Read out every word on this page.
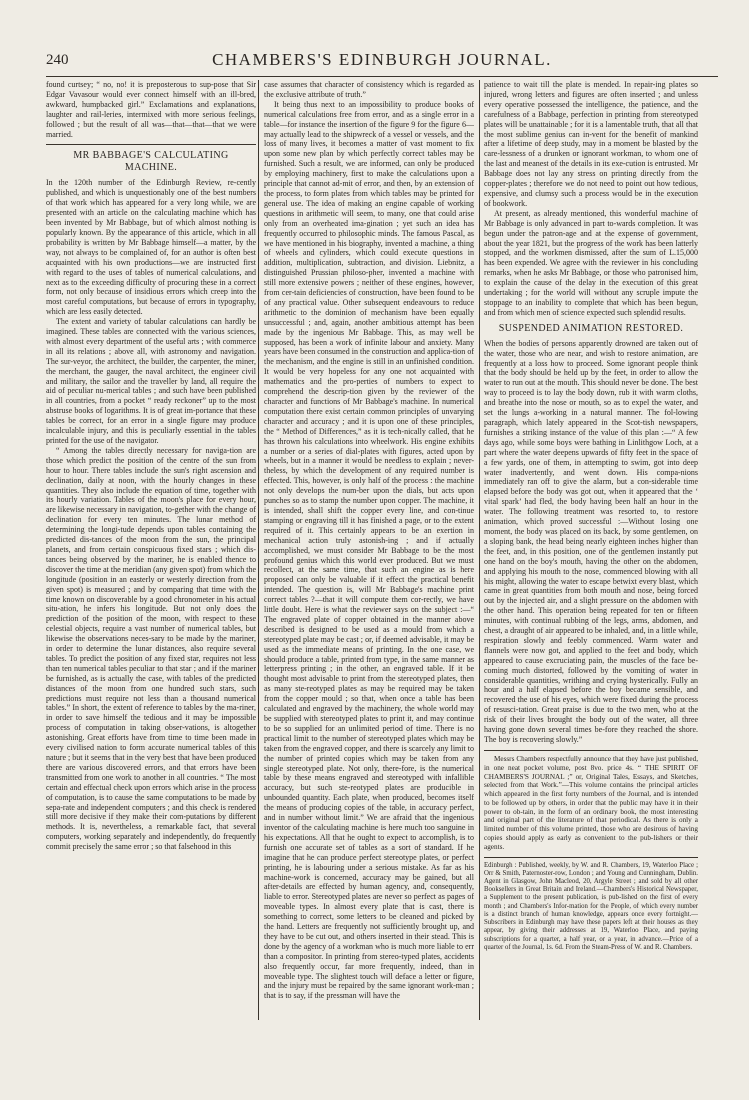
240	CHAMBERS'S EDINBURGH JOURNAL.

found curtsey; “ no, no! it is preposterous to sup-pose that Sir Edgar Vavasour would ever connect himself with an ill-bred, awkward, humpbacked girl.” Exclamations and explanations, laughter and rail-leries, intermixed with more serious feelings, followed ; but the result of all was—that—that—that we were married.

MR BABBAGE'S CALCULATING MACHINE.

In the 120th number of the Edinburgh Review, re-cently published, and which is unquestionably one of the best numbers of that work which has appeared for a very long while, we are presented with an article on the calculating machine which has been invented by Mr Babbage, but of which almost nothing is popularly known. By the appearance of this article, which in all probability is written by Mr Babbage himself—a matter, by the way, not always to be complained of, for an author is often best acquainted with his own productions—we are instructed first with regard to the uses of tables of numerical calculations, and next as to the exceeding difficulty of procuring these in a correct form, not only because of insidious errors which creep into the most careful computations, but because of errors in typography, which are less easily detected.

The extent and variety of tabular calculations can hardly be imagined. These tables are connected with the various sciences, with almost every department of the useful arts ; with commerce in all its relations ; above all, with astronomy and navigation. The sur-veyor, the architect, the builder, the carpenter, the miner, the merchant, the gauger, the naval architect, the engineer civil and military, the sailor and the traveller by land, all require the aid of peculiar nu-merical tables ; and such have been published in all countries, from a pocket “ ready reckoner” up to the most abstruse books of logarithms. It is of great im-portance that these tables be correct, for an error in a single figure may produce incalculable injury, and this is peculiarly essential in the tables printed for the use of the navigator.

“ Among the tables directly necessary for naviga-tion are those which predict the position of the centre of the sun from hour to hour. There tables include the sun's right ascension and declination, daily at noon, with the hourly changes in these quantities. They also include the equation of time, together with its hourly variation. Tables of the moon's place for every hour, are likewise necessary in navigation, to-gether with the change of declination for every ten minutes. The lunar method of determining the longi-tude depends upon tables containing the predicted dis-tances of the moon from the sun, the principal planets, and from certain conspicuous fixed stars ; which dis-tances being observed by the mariner, he is enabled thence to discover the time at the meridian (any given spot) from which the longitude (position in an easterly or westerly direction from the given spot) is measured ; and by comparing that time with the time known on discoverable by a good chronometer in his actual situ-ation, he infers his longitude. But not only does the prediction of the position of the moon, with respect to these celestial objects, require a vast number of numerical tables, but likewise the observations neces-sary to be made by the mariner, in order to determine the lunar distances, also require several tables. To predict the position of any fixed star, requires not less than ten numerical tables peculiar to that star ; and if the mariner be furnished, as is actually the case, with tables of the predicted distances of the moon from one hundred such stars, such predictions must require not less than a thousand numerical tables.” In short, the extent of reference to tables by the ma-riner, in order to save himself the tedious and it may be impossible process of computation in taking obser-vations, is altogether astonishing. Great efforts have from time to time been made in every civilised nation to form accurate numerical tables of this nature ; but it seems that in the very best that have been produced there are various discovered errors, and that errors have been transmitted from one work to another in all countries. “ The most certain and effectual check upon errors which arise in the process of computation, is to cause the same computations to be made by sepa-rate and independent computers ; and this check is rendered still more decisive if they make their com-putations by different methods. It is, nevertheless, a remarkable fact, that several computers, working separately and independently, do frequently commit precisely the same error ; so that falsehood in this

case assumes that character of consistency which is regarded as the exclusive attribute of truth.”

It being thus next to an impossibility to produce books of numerical calculations free from error, and as a single error in a table—for instance the insertion of the figure 9 for the figure 6—may actually lead to the shipwreck of a vessel or vessels, and the loss of many lives, it becomes a matter of vast moment to fix upon some new plan by which perfectly correct tables may be furnished. Such a result, we are informed, can only be produced by employing machinery, first to make the calculations upon a principle that cannot ad-mit of error, and then, by an extension of the process, to form plates from which tables may be printed for general use. The idea of making an engine capable of working questions in arithmetic will seem, to many, one that could arise only from an overheated ima-gination ; yet such an idea has frequently occurred to philosophic minds. The famous Pascal, as we have mentioned in his biography, invented a machine, a thing of wheels and cylinders, which could execute questions in addition, multiplication, subtraction, and division. Liebnitz, a distinguished Prussian philoso-pher, invented a machine with still more extensive powers ; neither of these engines, however, from cer-tain deficiencies of construction, have been found to be of any practical value. Other subsequent endeavours to reduce arithmetic to the dominion of mechanism have been equally unsuccessful ; and, again, another ambitious attempt has been made by the ingenious Mr Babbage. This, as may well be supposed, has been a work of infinite labour and anxiety. Many years have been consumed in the construction and applica-tion of the mechanism, and the engine is still in an unfinished condition. It would be very hopeless for any one not acquainted with mathematics and the pro-perties of numbers to expect to comprehend the descrip-tion given by the reviewer of the character and functions of Mr Babbage's machine. In numerical computation there exist certain common principles of unvarying character and accuracy ; and it is upon one of these principles, the “ Method of Differences,” as it is tech-nically called, that he has thrown his calculations into wheelwork. His engine exhibits a number or a series of dial-plates with figures, acted upon by wheels, but in a manner it would be needless to explain ; never-theless, by which the development of any required number is effected. This, however, is only half of the process : the machine not only develops the num-ber upon the dials, but acts upon punches so as to stamp the number upon copper. The machine, it is intended, shall shift the copper every line, and con-tinue stamping or engraving till it has finished a page, or to the extent required of it. This certainly appears to be an exertion in mechanical action truly astonish-ing ; and if actually accomplished, we must consider Mr Babbage to be the most profound genius which this world ever produced. But we must recollect, at the same time, that such an engine as is here proposed can only be valuable if it effect the practical benefit intended. The question is, will Mr Babbage's machine print correct tables ?—that it will compute them cor-rectly, we have little doubt. Here is what the reviewer says on the subject :—“ The engraved plate of copper obtained in the manner above described is designed to be used as a mould from which a stereotyped plate may be cast ; or, if deemed advisable, it may be used as the immediate means of printing. In the one case, we should produce a table, printed from type, in the same manner as letterpress printing ; in the other, an engraved table. If it be thought most advisable to print from the stereotyped plates, then as many ste-reotyped plates as may be required may be taken from the copper mould ; so that, when once a table has been calculated and engraved by the machinery, the whole world may be supplied with stereotyped plates to print it, and may continue to be so supplied for an unlimited period of time. There is no practical limit to the number of stereotyped plates which may be taken from the engraved copper, and there is scarcely any limit to the number of printed copies which may be taken from any single stereotyped plate. Not only, there-fore, is the numerical table by these means engraved and stereotyped with infallible accuracy, but such ste-reotyped plates are producible in unbounded quantity. Each plate, when produced, becomes itself the means of producing copies of the table, in accuracy perfect, and in number without limit.” We are afraid that the ingenious inventor of the calculating machine is here much too sanguine in his expectations. All that he ought to expect to accomplish, is to furnish one accurate set of tables as a sort of standard. If he imagine that he can produce perfect stereotype plates, or perfect printing, he is labouring under a serious mistake. As far as his machine-work is concerned, accuracy may be gained, but all after-details are effected by human agency, and, consequently, liable to error. Stereotyped plates are never so perfect as pages of moveable types. In almost every plate that is cast, there is something to correct, some letters to be cleaned and picked by the hand. Letters are frequently not sufficiently brought up, and they have to be cut out, and others inserted in their stead. This is done by the agency of a workman who is much more liable to err than a compositor. In printing from stereo-typed plates, accidents also frequently occur, far more frequently, indeed, than in moveable type. The slightest touch will deface a letter or figure, and the injury must be repaired by the same ignorant work-man ; that is to say, if the pressman will have the

patience to wait till the plate is mended. In repair-ing plates so injured, wrong letters and figures are often inserted ; and unless every operative possessed the intelligence, the patience, and the carefulness of a Babbage, perfection in printing from stereotyped plates will be unattainable ; for it is a lamentable truth, that all that the most sublime genius can in-vent for the benefit of mankind after a lifetime of deep study, may in a moment be blasted by the care-lessness of a drunken or ignorant workman, to whom one of the last and meanest of the details in its exe-cution is entrusted. Mr Babbage does not lay any stress on printing directly from the copper-plates ; therefore we do not need to point out how tedious, expensive, and clumsy such a process would be in the execution of bookwork.

At present, as already mentioned, this wonderful machine of Mr Babbage is only advanced in part to-wards completion. It was begun under the patron-age and at the expense of government, about the year 1821, but the progress of the work has been latterly stopped, and the workmen dismissed, after the sum of L.15,000 has been expended. We agree with the reviewer in his concluding remarks, when he asks Mr Babbage, or those who patronised him, to explain the cause of the delay in the execution of this great undertaking ; for the world will without any scruple impute the stoppage to an inability to complete that which has been begun, and from which men of science expected such splendid results.

SUSPENDED ANIMATION RESTORED.

When the bodies of persons apparently drowned are taken out of the water, those who are near, and wish to restore animation, are frequently at a loss how to proceed. Some ignorant people think that the body should be held up by the feet, in order to allow the water to run out at the mouth. This should never be done. The best way to proceed is to lay the body down, rub it with warm cloths, and breathe into the nose or mouth, so as to expel the water, and set the lungs a-working in a natural manner. The fol-lowing paragraph, which lately appeared in the Scot-tish newspapers, furnishes a striking instance of the value of this plan :—“ A few days ago, while some boys were bathing in Linlithgow Loch, at a part where the water deepens upwards of fifty feet in the space of a few yards, one of them, in attempting to swim, got into deep water inadvertently, and went down. His compa-nions immediately ran off to give the alarm, but a con-siderable time elapsed before the body was got out, when it appeared that the ‘ vital spark’ had fled, the body having been half an hour in the water. The following treatment was resorted to, to restore animation, which proved successful :—Without losing one moment, the body was placed on its back, by some gentlemen, on a sloping bank, the head being nearly eighteen inches higher than the feet, and, in this position, one of the gentlemen instantly put one hand on the boy's mouth, having the other on the abdomen, and applying his mouth to the nose, commenced blowing with all his might, allowing the water to escape betwixt every blast, which came in great quantities from both mouth and nose, being forced out by the injected air, and a slight pressure on the abdomen with the other hand. This operation being repeated for ten or fifteen minutes, with continual rubbing of the legs, arms, abdomen, and chest, a draught of air appeared to be inhaled, and, in a little while, respiration slowly and feebly commenced. Warm water and flannels were now got, and applied to the feet and body, which appeared to cause excruciating pain, the muscles of the face be-coming much distorted, followed by the vomiting of water in considerable quantities, writhing and crying hysterically. Fully an hour and a half elapsed before the boy became sensible, and recovered the use of his eyes, which were fixed during the process of resusci-tation. Great praise is due to the two men, who at the risk of their lives brought the body out of the water, all three having gone down several times be-fore they reached the shore. The boy is recovering slowly.”

Messrs Chambers respectfully announce that they have just published, in one neat pocket volume, post 8vo. price 4s. “ THE SPIRIT OF CHAMBERS'S JOURNAL ;” or, Original Tales, Essays, and Sketches, selected from that Work.”—This volume contains the principal articles which appeared in the first forty numbers of the Journal, and is intended to be followed up by others, in order that the public may have it in their power to ob-tain, in the form of an ordinary book, the most interesting and original part of the literature of that periodical. As there is only a limited number of this volume printed, those who are desirous of having copies should apply as early as convenient to the pub-lishers or their agents.

Edinburgh : Published, weekly, by W. and R. Chambers, 19, Waterloo Place ; Orr & Smith, Paternoster-row, London ; and Young and Cunningham, Dublin. Agent in Glasgow, John Macleod, 20, Argyle Street ; and sold by all other Booksellers in Great Britain and Ireland.—Chambers's Historical Newspaper, a Supplement to the present publication, is pub-lished on the first of every month ; and Chambers's Infor-mation for the People, of which every number is a distinct branch of human knowledge, appears once every fortnight.— Subscribers in Edinburgh may have these papers left at their houses as they appear, by giving their addresses at 19, Waterloo Place, and paying subscriptions for a quarter, a half year, or a year, in advance.—Price of a quarter of the Journal, 1s. 6d. From the Steam-Press of W. and R. Chambers.
